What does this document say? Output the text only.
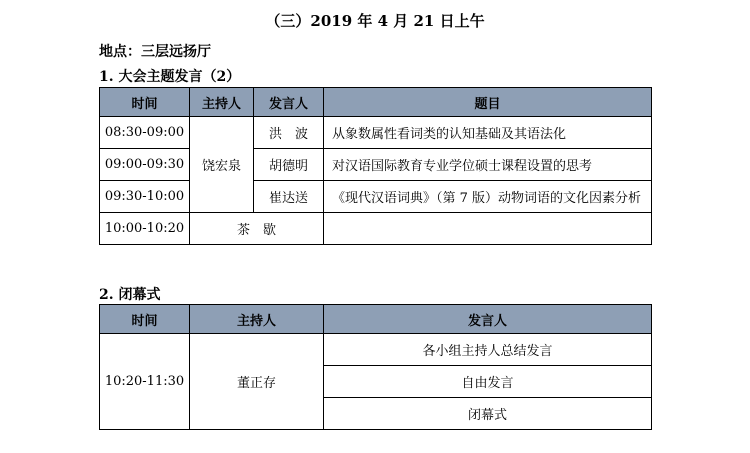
（三）2019 年 4 月 21 日上午
地点：三层远扬厅
1. 大会主题发言（2）
时间	主持人	发言人	题目
08:30-09:00	饶宏泉	洪　波	从象数属性看词类的认知基础及其语法化
09:00-09:30		胡德明	对汉语国际教育专业学位硕士课程设置的思考
09:30-10:00		崔达送	《现代汉语词典》（第 7 版）动物词语的文化因素分析
10:00-10:20	茶　歇		
2. 闭幕式
时间	主持人	发言人
10:20-11:30	董正存	各小组主持人总结发言
		自由发言
		闭幕式
